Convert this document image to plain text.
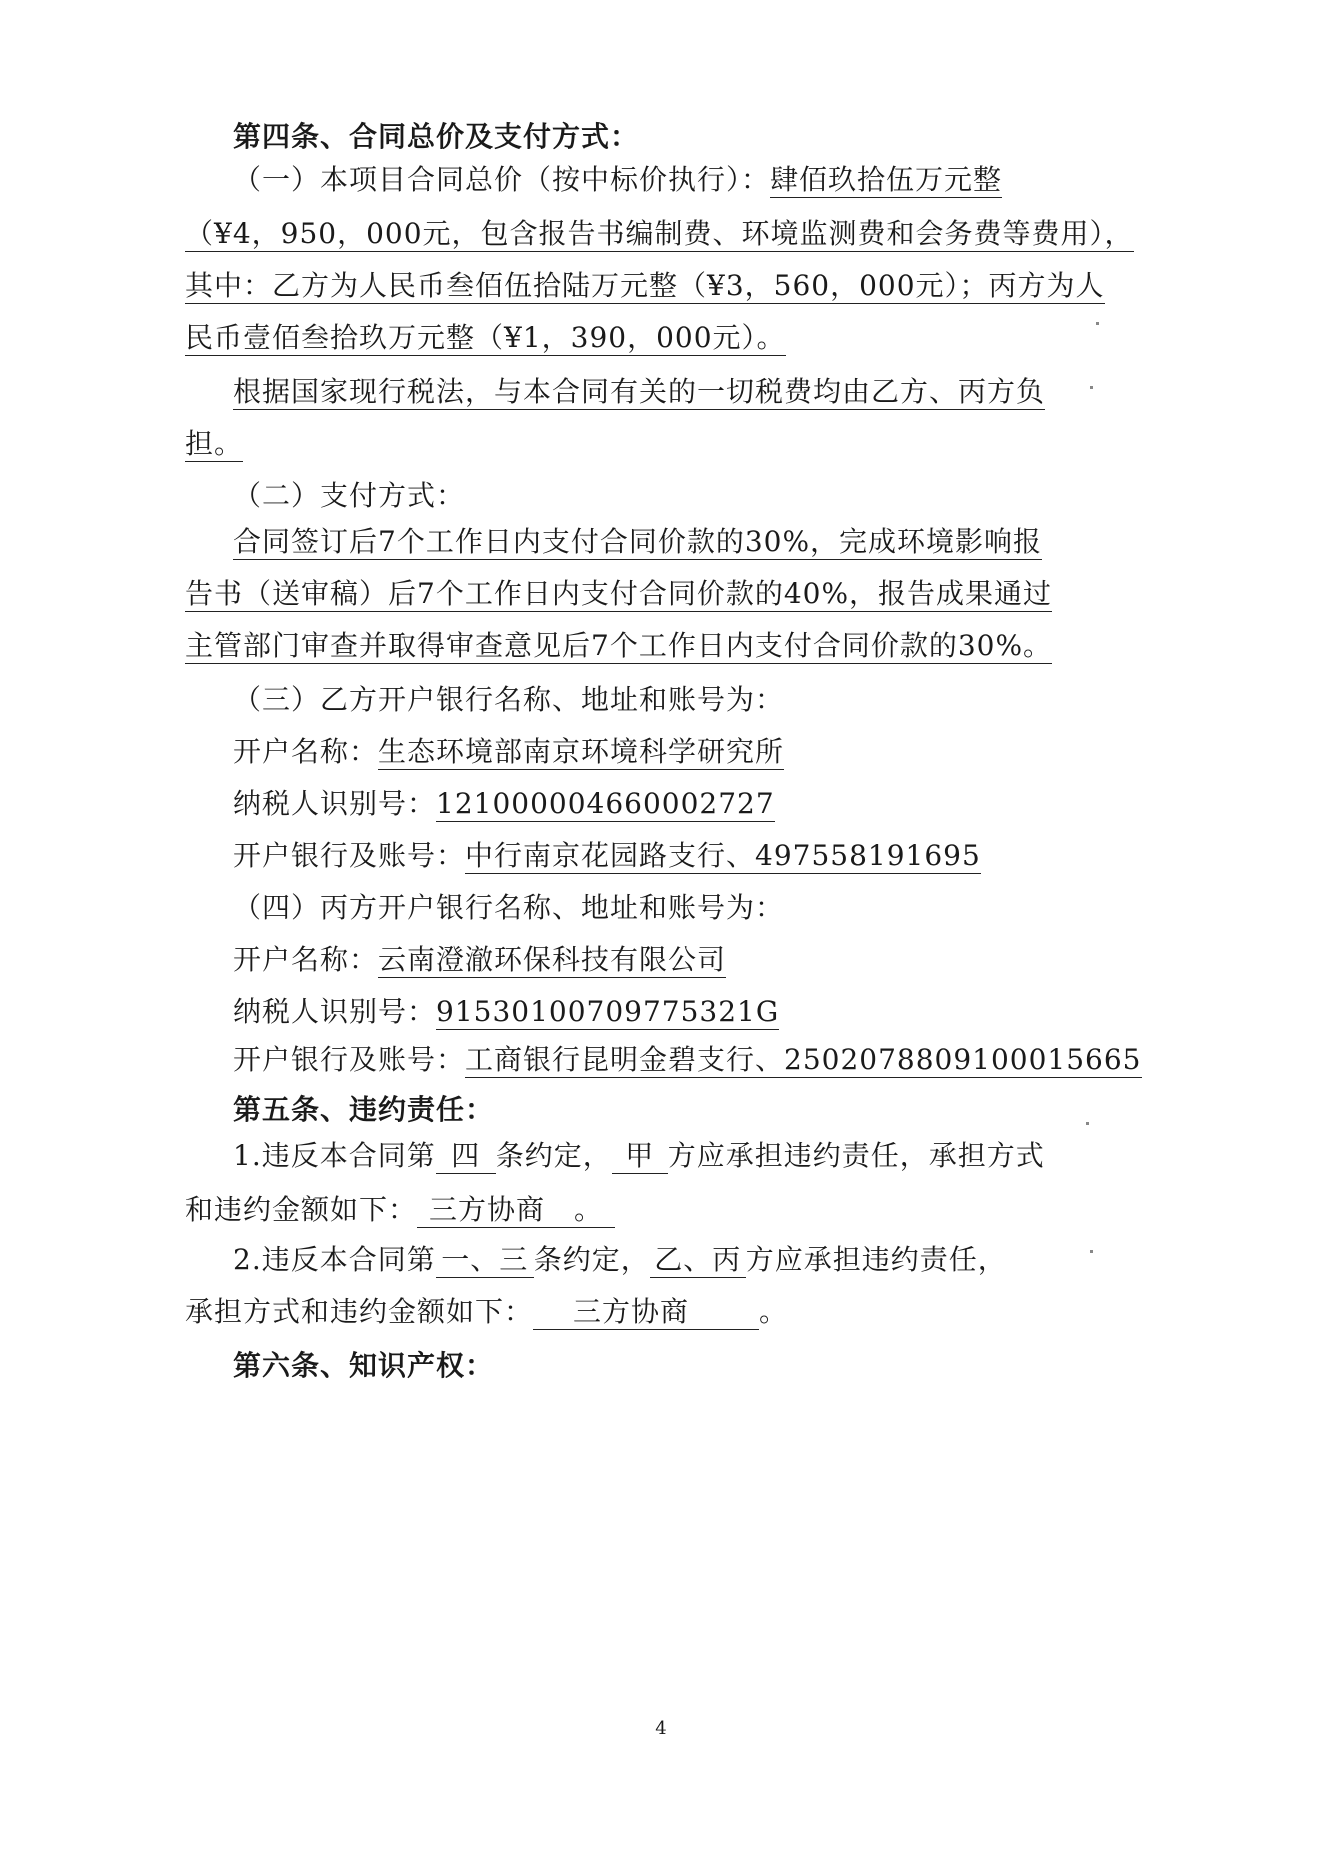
第四条、合同总价及支付方式：
（一）本项目合同总价（按中标价执行）：肆佰玖拾伍万元整
（¥4，950，000元，包含报告书编制费、环境监测费和会务费等费用），
其中：乙方为人民币叁佰伍拾陆万元整（¥3，560，000元）；丙方为人
民币壹佰叁拾玖万元整（¥1，390，000元）。
根据国家现行税法，与本合同有关的一切税费均由乙方、丙方负
担。
（二）支付方式：
合同签订后7个工作日内支付合同价款的30%，完成环境影响报
告书（送审稿）后7个工作日内支付合同价款的40%，报告成果通过
主管部门审查并取得审查意见后7个工作日内支付合同价款的30%。
（三）乙方开户银行名称、地址和账号为：
开户名称：生态环境部南京环境科学研究所
纳税人识别号：121000004660002727
开户银行及账号：中行南京花园路支行、497558191695
（四）丙方开户银行名称、地址和账号为：
开户名称：云南澄澈环保科技有限公司
纳税人识别号：91530100709775321G
开户银行及账号：工商银行昆明金碧支行、2502078809100015665
第五条、违约责任：
1.违反本合同第 四 条约定， 甲 方应承担违约责任，承担方式
和违约金额如下： 三方协商　。
2.违反本合同第 一、三 条约定， 乙、丙 方应承担违约责任，
承担方式和违约金额如下： 三方协商 。
第六条、知识产权：
4
